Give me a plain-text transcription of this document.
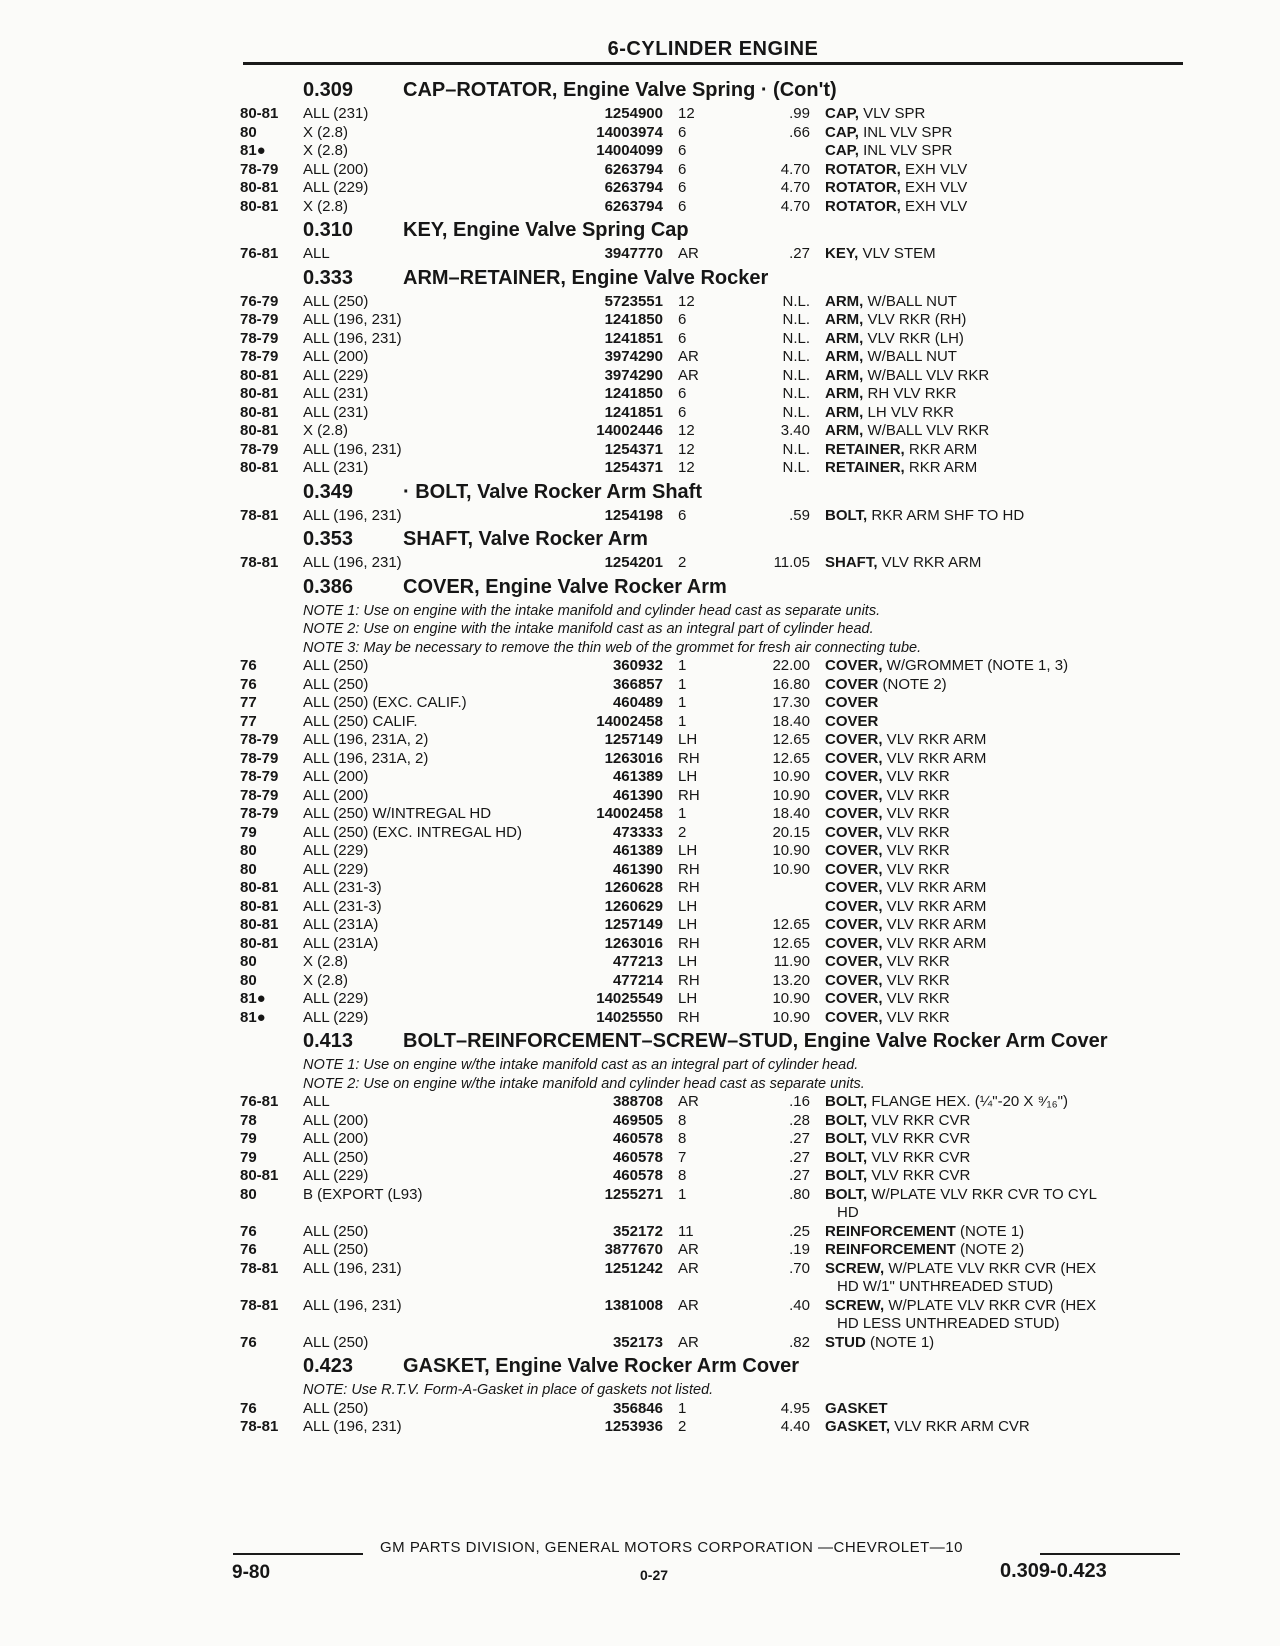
6-CYLINDER ENGINE
0.309	CAP–ROTATOR, Engine Valve Spring · (Con't)
80-81	ALL (231)	1254900 12	.99 CAP, VLV SPR
80	X (2.8)	14003974 6	.66 CAP, INL VLV SPR
81●	X (2.8)	14004099 6	CAP, INL VLV SPR
78-79	ALL (200)	6263794 6	4.70 ROTATOR, EXH VLV
80-81	ALL (229)	6263794 6	4.70 ROTATOR, EXH VLV
80-81	X (2.8)	6263794 6	4.70 ROTATOR, EXH VLV
0.310	KEY, Engine Valve Spring Cap
76-81	ALL	3947770 AR	.27 KEY, VLV STEM
0.333	ARM–RETAINER, Engine Valve Rocker
76-79	ALL (250)	5723551 12	N.L. ARM, W/BALL NUT
78-79	ALL (196, 231)	1241850 6	N.L. ARM, VLV RKR (RH)
78-79	ALL (196, 231)	1241851 6	N.L. ARM, VLV RKR (LH)
78-79	ALL (200)	3974290 AR	N.L. ARM, W/BALL NUT
80-81	ALL (229)	3974290 AR	N.L. ARM, W/BALL VLV RKR
80-81	ALL (231)	1241850 6	N.L. ARM, RH VLV RKR
80-81	ALL (231)	1241851 6	N.L. ARM, LH VLV RKR
80-81	X (2.8)	14002446 12	3.40 ARM, W/BALL VLV RKR
78-79	ALL (196, 231)	1254371 12	N.L. RETAINER, RKR ARM
80-81	ALL (231)	1254371 12	N.L. RETAINER, RKR ARM
0.349	· BOLT, Valve Rocker Arm Shaft
78-81	ALL (196, 231)	1254198 6	.59 BOLT, RKR ARM SHF TO HD
0.353	SHAFT, Valve Rocker Arm
78-81	ALL (196, 231)	1254201 2	11.05 SHAFT, VLV RKR ARM
0.386	COVER, Engine Valve Rocker Arm
NOTE 1: Use on engine with the intake manifold and cylinder head cast as separate units.
NOTE 2: Use on engine with the intake manifold cast as an integral part of cylinder head.
NOTE 3: May be necessary to remove the thin web of the grommet for fresh air connecting tube.
76	ALL (250)	360932 1	22.00 COVER, W/GROMMET (NOTE 1, 3)
76	ALL (250)	366857 1	16.80 COVER (NOTE 2)
77	ALL (250) (EXC. CALIF.)	460489 1	17.30 COVER
77	ALL (250) CALIF.	14002458 1	18.40 COVER
78-79	ALL (196, 231A, 2)	1257149 LH	12.65 COVER, VLV RKR ARM
78-79	ALL (196, 231A, 2)	1263016 RH	12.65 COVER, VLV RKR ARM
78-79	ALL (200)	461389 LH	10.90 COVER, VLV RKR
78-79	ALL (200)	461390 RH	10.90 COVER, VLV RKR
78-79	ALL (250) W/INTREGAL HD	14002458 1	18.40 COVER, VLV RKR
79	ALL (250) (EXC. INTREGAL HD)	473333 2	20.15 COVER, VLV RKR
80	ALL (229)	461389 LH	10.90 COVER, VLV RKR
80	ALL (229)	461390 RH	10.90 COVER, VLV RKR
80-81	ALL (231-3)	1260628 RH	COVER, VLV RKR ARM
80-81	ALL (231-3)	1260629 LH	COVER, VLV RKR ARM
80-81	ALL (231A)	1257149 LH	12.65 COVER, VLV RKR ARM
80-81	ALL (231A)	1263016 RH	12.65 COVER, VLV RKR ARM
80	X (2.8)	477213 LH	11.90 COVER, VLV RKR
80	X (2.8)	477214 RH	13.20 COVER, VLV RKR
81●	ALL (229)	14025549 LH	10.90 COVER, VLV RKR
81●	ALL (229)	14025550 RH	10.90 COVER, VLV RKR
0.413	BOLT–REINFORCEMENT–SCREW–STUD, Engine Valve Rocker Arm Cover
NOTE 1: Use on engine w/the intake manifold cast as an integral part of cylinder head.
NOTE 2: Use on engine w/the intake manifold and cylinder head cast as separate units.
76-81	ALL	388708 AR	.16 BOLT, FLANGE HEX. (¼"-20 X ⁹⁄₁₆")
78	ALL (200)	469505 8	.28 BOLT, VLV RKR CVR
79	ALL (200)	460578 8	.27 BOLT, VLV RKR CVR
79	ALL (250)	460578 7	.27 BOLT, VLV RKR CVR
80-81	ALL (229)	460578 8	.27 BOLT, VLV RKR CVR
80	B (EXPORT (L93)	1255271 1	.80 BOLT, W/PLATE VLV RKR CVR TO CYL
HD
76	ALL (250)	352172 11	.25 REINFORCEMENT (NOTE 1)
76	ALL (250)	3877670 AR	.19 REINFORCEMENT (NOTE 2)
78-81	ALL (196, 231)	1251242 AR	.70 SCREW, W/PLATE VLV RKR CVR (HEX
HD W/1" UNTHREADED STUD)
78-81	ALL (196, 231)	1381008 AR	.40 SCREW, W/PLATE VLV RKR CVR (HEX
HD LESS UNTHREADED STUD)
76	ALL (250)	352173 AR	.82 STUD (NOTE 1)
0.423	GASKET, Engine Valve Rocker Arm Cover
NOTE: Use R.T.V. Form-A-Gasket in place of gaskets not listed.
76	ALL (250)	356846 1	4.95 GASKET
78-81	ALL (196, 231)	1253936 2	4.40 GASKET, VLV RKR ARM CVR
GM PARTS DIVISION, GENERAL MOTORS CORPORATION —CHEVROLET—10
9-80	0-27	0.309-0.423
